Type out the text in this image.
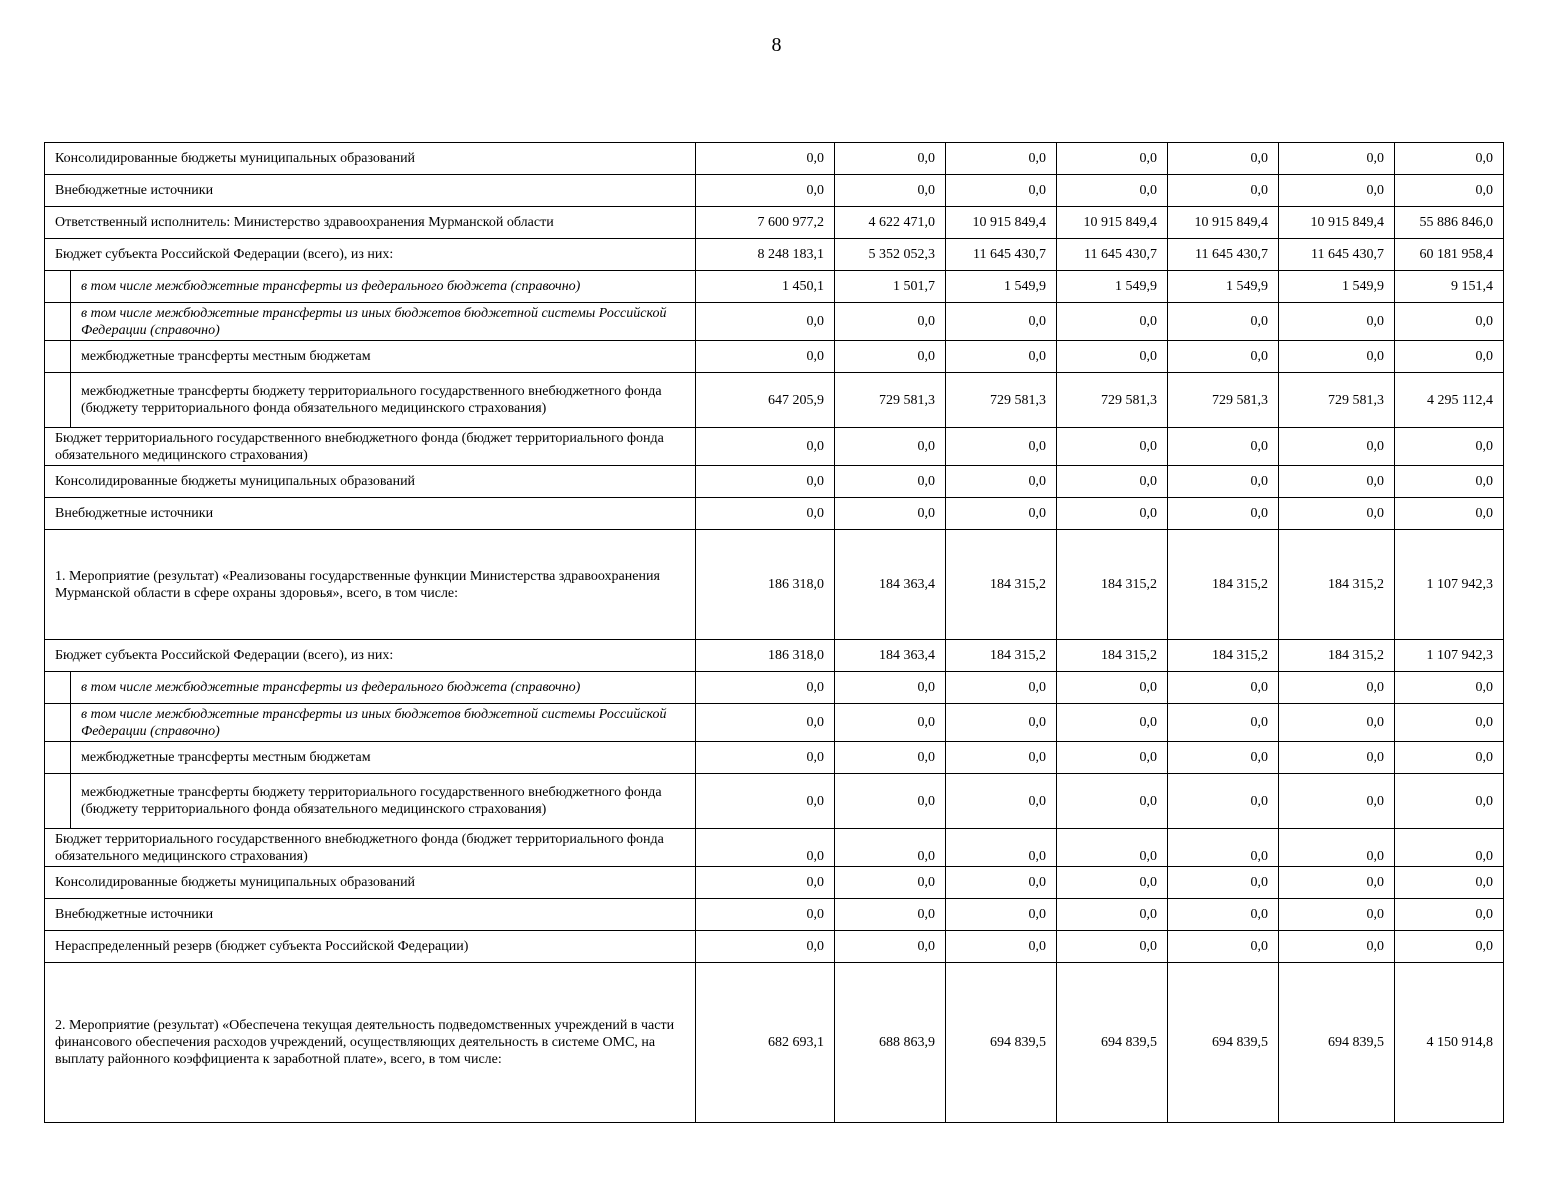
8
Консолидированные бюджеты муниципальных образований		0,0	0,0	0,0	0,0	0,0	0,0	0,0
Внебюджетные источники		0,0	0,0	0,0	0,0	0,0	0,0	0,0
Ответственный исполнитель: Министерство здравоохранения Мурманской области		7 600 977,2	4 622 471,0	10 915 849,4	10 915 849,4	10 915 849,4	10 915 849,4	55 886 846,0
Бюджет субъекта Российской Федерации (всего), из них:		8 248 183,1	5 352 052,3	11 645 430,7	11 645 430,7	11 645 430,7	11 645 430,7	60 181 958,4
	в том числе межбюджетные трансферты из федерального бюджета (справочно)	1 450,1	1 501,7	1 549,9	1 549,9	1 549,9	1 549,9	9 151,4
	в том числе межбюджетные трансферты из иных бюджетов бюджетной системы Российской Федерации (справочно)	0,0	0,0	0,0	0,0	0,0	0,0	0,0
	межбюджетные трансферты местным бюджетам	0,0	0,0	0,0	0,0	0,0	0,0	0,0
	межбюджетные трансферты бюджету территориального государственного внебюджетного фонда (бюджету территориального фонда обязательного медицинского страхования)	647 205,9	729 581,3	729 581,3	729 581,3	729 581,3	729 581,3	4 295 112,4
Бюджет территориального государственного внебюджетного фонда (бюджет территориального фонда обязательного медицинского страхования)		0,0	0,0	0,0	0,0	0,0	0,0	0,0
Консолидированные бюджеты муниципальных образований		0,0	0,0	0,0	0,0	0,0	0,0	0,0
Внебюджетные источники		0,0	0,0	0,0	0,0	0,0	0,0	0,0
1. Мероприятие (результат) «Реализованы государственные функции Министерства здравоохранения Мурманской области в сфере охраны здоровья», всего, в том числе:		186 318,0	184 363,4	184 315,2	184 315,2	184 315,2	184 315,2	1 107 942,3
Бюджет субъекта Российской Федерации (всего), из них:		186 318,0	184 363,4	184 315,2	184 315,2	184 315,2	184 315,2	1 107 942,3
	в том числе межбюджетные трансферты из федерального бюджета (справочно)	0,0	0,0	0,0	0,0	0,0	0,0	0,0
	в том числе межбюджетные трансферты из иных бюджетов бюджетной системы Российской Федерации (справочно)	0,0	0,0	0,0	0,0	0,0	0,0	0,0
	межбюджетные трансферты местным бюджетам	0,0	0,0	0,0	0,0	0,0	0,0	0,0
	межбюджетные трансферты бюджету территориального государственного внебюджетного фонда (бюджету территориального фонда обязательного медицинского страхования)	0,0	0,0	0,0	0,0	0,0	0,0	0,0
Бюджет территориального государственного внебюджетного фонда (бюджет территориального фонда обязательного медицинского страхования)		0,0	0,0	0,0	0,0	0,0	0,0	0,0
Консолидированные бюджеты муниципальных образований		0,0	0,0	0,0	0,0	0,0	0,0	0,0
Внебюджетные источники		0,0	0,0	0,0	0,0	0,0	0,0	0,0
Нераспределенный резерв (бюджет субъекта Российской Федерации)		0,0	0,0	0,0	0,0	0,0	0,0	0,0
2. Мероприятие (результат) «Обеспечена текущая деятельность подведомственных учреждений в части финансового обеспечения расходов учреждений, осуществляющих деятельность в системе ОМС, на выплату районного коэффициента к заработной плате», всего, в том числе:		682 693,1	688 863,9	694 839,5	694 839,5	694 839,5	694 839,5	4 150 914,8
